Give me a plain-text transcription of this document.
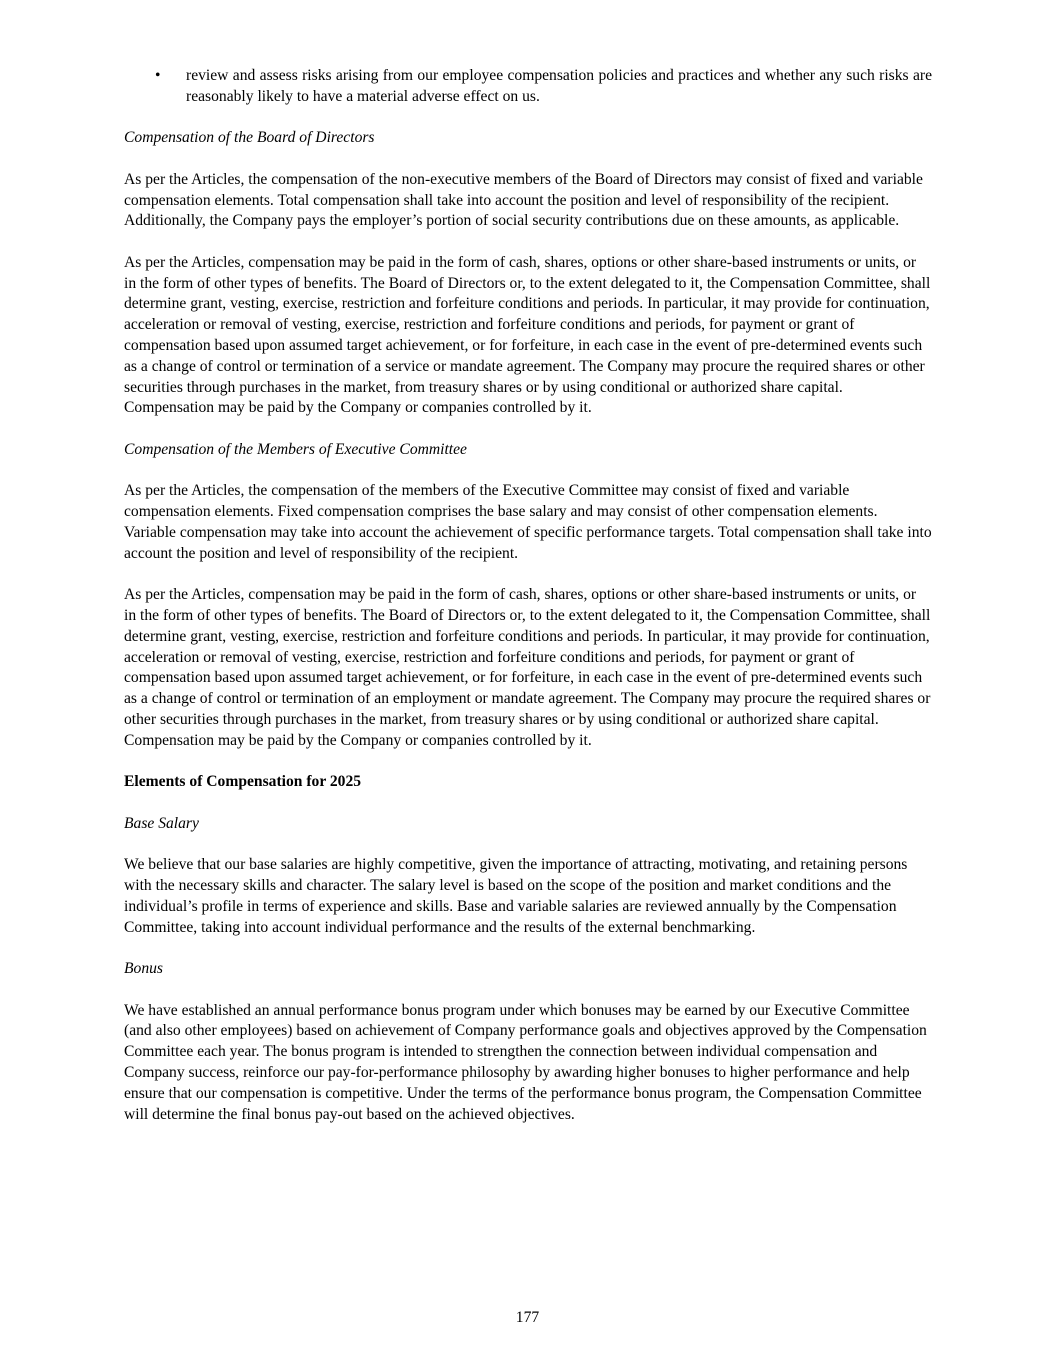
• review and assess risks arising from our employee compensation policies and practices and whether any such risks are reasonably likely to have a material adverse effect on us.

Compensation of the Board of Directors

As per the Articles, the compensation of the non-executive members of the Board of Directors may consist of fixed and variable compensation elements. Total compensation shall take into account the position and level of responsibility of the recipient. Additionally, the Company pays the employer’s portion of social security contributions due on these amounts, as applicable.

As per the Articles, compensation may be paid in the form of cash, shares, options or other share-based instruments or units, or in the form of other types of benefits. The Board of Directors or, to the extent delegated to it, the Compensation Committee, shall determine grant, vesting, exercise, restriction and forfeiture conditions and periods. In particular, it may provide for continuation, acceleration or removal of vesting, exercise, restriction and forfeiture conditions and periods, for payment or grant of compensation based upon assumed target achievement, or for forfeiture, in each case in the event of pre-determined events such as a change of control or termination of a service or mandate agreement. The Company may procure the required shares or other securities through purchases in the market, from treasury shares or by using conditional or authorized share capital. Compensation may be paid by the Company or companies controlled by it.

Compensation of the Members of Executive Committee

As per the Articles, the compensation of the members of the Executive Committee may consist of fixed and variable compensation elements. Fixed compensation comprises the base salary and may consist of other compensation elements. Variable compensation may take into account the achievement of specific performance targets. Total compensation shall take into account the position and level of responsibility of the recipient.

As per the Articles, compensation may be paid in the form of cash, shares, options or other share-based instruments or units, or in the form of other types of benefits. The Board of Directors or, to the extent delegated to it, the Compensation Committee, shall determine grant, vesting, exercise, restriction and forfeiture conditions and periods. In particular, it may provide for continuation, acceleration or removal of vesting, exercise, restriction and forfeiture conditions and periods, for payment or grant of compensation based upon assumed target achievement, or for forfeiture, in each case in the event of pre-determined events such as a change of control or termination of an employment or mandate agreement. The Company may procure the required shares or other securities through purchases in the market, from treasury shares or by using conditional or authorized share capital. Compensation may be paid by the Company or companies controlled by it.

Elements of Compensation for 2025

Base Salary

We believe that our base salaries are highly competitive, given the importance of attracting, motivating, and retaining persons with the necessary skills and character. The salary level is based on the scope of the position and market conditions and the individual’s profile in terms of experience and skills. Base and variable salaries are reviewed annually by the Compensation Committee, taking into account individual performance and the results of the external benchmarking.

Bonus

We have established an annual performance bonus program under which bonuses may be earned by our Executive Committee (and also other employees) based on achievement of Company performance goals and objectives approved by the Compensation Committee each year. The bonus program is intended to strengthen the connection between individual compensation and Company success, reinforce our pay-for-performance philosophy by awarding higher bonuses to higher performance and help ensure that our compensation is competitive. Under the terms of the performance bonus program, the Compensation Committee will determine the final bonus pay-out based on the achieved objectives.

177
